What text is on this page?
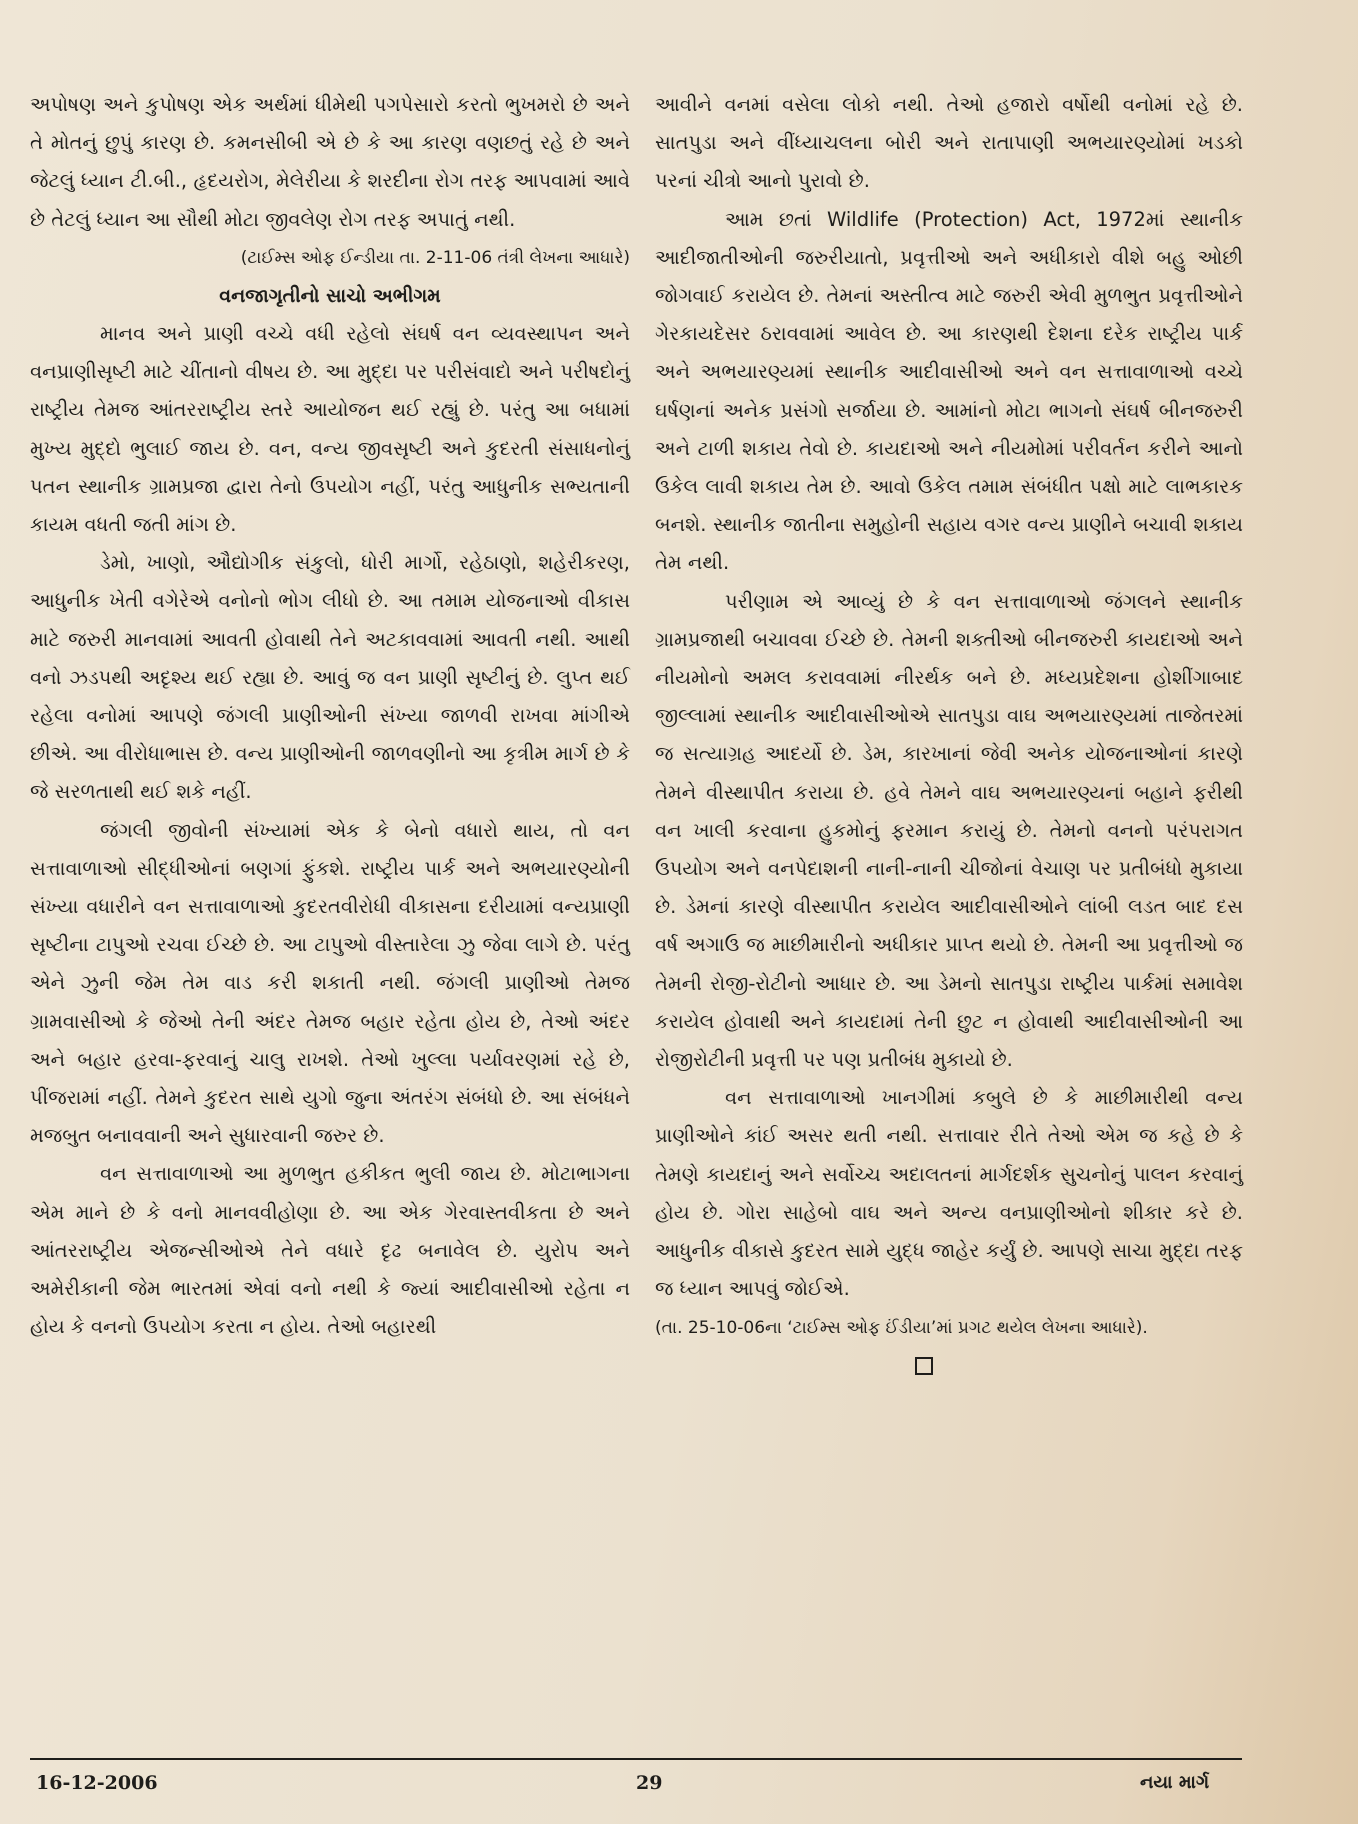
અપોષણ અને કુપોષણ એક અર્થમાં ધીમેથી પગપેસારો કરતો ભુખમરો છે અને તે મોતનું છુપું કારણ છે. કમનસીબી એ છે કે આ કારણ વણછતું રહે છે અને જેટલું ધ્યાન ટી.બી., હૃદયરોગ, મેલેરીયા કે શરદીના રોગ તરફ આપવામાં આવે છે તેટલું ધ્યાન આ સૌથી મોટા જીવલેણ રોગ તરફ અપાતું નથી.

(ટાઈમ્સ ઓફ ઈન્ડીયા તા. 2-11-06 તંત્રી લેખના આધારે)

વનજાગૃતીનો સાચો અભીગમ

માનવ અને પ્રાણી વચ્ચે વધી રહેલો સંઘર્ષ વન વ્યવસ્થાપન અને વનપ્રાણીસૃષ્ટી માટે ચીંતાનો વીષય છે. આ મુદ્દા પર પરીસંવાદો અને પરીષદોનું રાષ્ટ્રીય તેમજ આંતરરાષ્ટ્રીય સ્તરે આયોજન થઈ રહ્યું છે. પરંતુ આ બધામાં મુખ્ય મુદ્દો ભુલાઈ જાય છે. વન, વન્ય જીવસૃષ્ટી અને કુદરતી સંસાધનોનું પતન સ્થાનીક ગ્રામપ્રજા દ્વારા તેનો ઉપયોગ નહીં, પરંતુ આધુનીક સભ્યતાની કાયમ વધતી જતી માંગ છે.

ડેમો, ખાણો, ઔદ્યોગીક સંકુલો, ધોરી માર્ગો, રહેઠાણો, શહેરીકરણ, આધુનીક ખેતી વગેરેએ વનોનો ભોગ લીધો છે. આ તમામ યોજનાઓ વીકાસ માટે જરુરી માનવામાં આવતી હોવાથી તેને અટકાવવામાં આવતી નથી. આથી વનો ઝડપથી અદૃશ્ય થઈ રહ્યા છે. આવું જ વન પ્રાણી સૃષ્ટીનું છે. લુપ્ત થઈ રહેલા વનોમાં આપણે જંગલી પ્રાણીઓની સંખ્યા જાળવી રાખવા માંગીએ છીએ. આ વીરોધાભાસ છે. વન્ય પ્રાણીઓની જાળવણીનો આ કૃત્રીમ માર્ગ છે કે જે સરળતાથી થઈ શકે નહીં.

જંગલી જીવોની સંખ્યામાં એક કે બેનો વધારો થાય, તો વન સત્તાવાળાઓ સીદ્ધીઓનાં બણગાં ફુંકશે. રાષ્ટ્રીય પાર્ક અને અભયારણ્યોની સંખ્યા વધારીને વન સત્તાવાળાઓ કુદરતવીરોધી વીકાસના દરીયામાં વન્યપ્રાણી સૃષ્ટીના ટાપુઓ રચવા ઈચ્છે છે. આ ટાપુઓ વીસ્તારેલા ઝુ જેવા લાગે છે. પરંતુ એને ઝુની જેમ તેમ વાડ કરી શકાતી નથી. જંગલી પ્રાણીઓ તેમજ ગ્રામવાસીઓ કે જેઓ તેની અંદર તેમજ બહાર રહેતા હોય છે, તેઓ અંદર અને બહાર હરવા-ફરવાનું ચાલુ રાખશે. તેઓ ખુલ્લા પર્યાવરણમાં રહે છે, પીંજરામાં નહીં. તેમને કુદરત સાથે યુગો જુના અંતરંગ સંબંધો છે. આ સંબંધને મજબુત બનાવવાની અને સુધારવાની જરુર છે.

વન સત્તાવાળાઓ આ મુળભુત હકીકત ભુલી જાય છે. મોટાભાગના એમ માને છે કે વનો માનવવીહોણા છે. આ એક ગેરવાસ્તવીકતા છે અને આંતરરાષ્ટ્રીય એજન્સીઓએ તેને વધારે દૃઢ બનાવેલ છે. યુરોપ અને અમેરીકાની જેમ ભારતમાં એવાં વનો નથી કે જ્યાં આદીવાસીઓ રહેતા ન હોય કે વનનો ઉપયોગ કરતા ન હોય. તેઓ બહારથી

આવીને વનમાં વસેલા લોકો નથી. તેઓ હજારો વર્ષોથી વનોમાં રહે છે. સાતપુડા અને વીંધ્યાચલના બોરી અને રાતાપાણી અભયારણ્યોમાં ખડકો પરનાં ચીત્રો આનો પુરાવો છે.

આમ છતાં Wildlife (Protection) Act, 1972માં સ્થાનીક આદીજાતીઓની જરુરીયાતો, પ્રવૃત્તીઓ અને અધીકારો વીશે બહુ ઓછી જોગવાઈ કરાયેલ છે. તેમનાં અસ્તીત્વ માટે જરુરી એવી મુળભુત પ્રવૃત્તીઓને ગેરકાયદેસર ઠરાવવામાં આવેલ છે. આ કારણથી દેશના દરેક રાષ્ટ્રીય પાર્ક અને અભયારણ્યમાં સ્થાનીક આદીવાસીઓ અને વન સત્તાવાળાઓ વચ્ચે ઘર્ષણનાં અનેક પ્રસંગો સર્જાયા છે. આમાંનો મોટા ભાગનો સંઘર્ષ બીનજરુરી અને ટાળી શકાય તેવો છે. કાયદાઓ અને નીયમોમાં પરીવર્તન કરીને આનો ઉકેલ લાવી શકાય તેમ છે. આવો ઉકેલ તમામ સંબંધીત પક્ષો માટે લાભકારક બનશે. સ્થાનીક જાતીના સમુહોની સહાય વગર વન્ય પ્રાણીને બચાવી શકાય તેમ નથી.

પરીણામ એ આવ્યું છે કે વન સત્તાવાળાઓ જંગલને સ્થાનીક ગ્રામપ્રજાથી બચાવવા ઈચ્છે છે. તેમની શક્તીઓ બીનજરુરી કાયદાઓ અને નીયમોનો અમલ કરાવવામાં નીરર્થક બને છે. મધ્યપ્રદેશના હોશીંગાબાદ જીલ્લામાં સ્થાનીક આદીવાસીઓએ સાતપુડા વાઘ અભયારણ્યમાં તાજેતરમાં જ સત્યાગ્રહ આદર્યો છે. ડેમ, કારખાનાં જેવી અનેક યોજનાઓનાં કારણે તેમને વીસ્થાપીત કરાયા છે. હવે તેમને વાઘ અભયારણ્યનાં બહાને ફરીથી વન ખાલી કરવાના હુકમોનું ફરમાન કરાયું છે. તેમનો વનનો પરંપરાગત ઉપયોગ અને વનપેદાશની નાની-નાની ચીજોનાં વેચાણ પર પ્રતીબંધો મુકાયા છે. ડેમનાં કારણે વીસ્થાપીત કરાયેલ આદીવાસીઓને લાંબી લડત બાદ દસ વર્ષ અગાઉ જ માછીમારીનો અધીકાર પ્રાપ્ત થયો છે. તેમની આ પ્રવૃત્તીઓ જ તેમની રોજી-રોટીનો આધાર છે. આ ડેમનો સાતપુડા રાષ્ટ્રીય પાર્કમાં સમાવેશ કરાયેલ હોવાથી અને કાયદામાં તેની છુટ ન હોવાથી આદીવાસીઓની આ રોજીરોટીની પ્રવૃત્તી પર પણ પ્રતીબંધ મુકાયો છે.

વન સત્તાવાળાઓ ખાનગીમાં કબુલે છે કે માછીમારીથી વન્ય પ્રાણીઓને કાંઈ અસર થતી નથી. સત્તાવાર રીતે તેઓ એમ જ કહે છે કે તેમણે કાયદાનું અને સર્વોચ્ચ અદાલતનાં માર્ગદર્શક સુચનોનું પાલન કરવાનું હોય છે. ગોરા સાહેબો વાઘ અને અન્ય વનપ્રાણીઓનો શીકાર કરે છે. આધુનીક વીકાસે કુદરત સામે યુદ્ધ જાહેર કર્યું છે. આપણે સાચા મુદ્દા તરફ જ ધ્યાન આપવું જોઈએ.

(તા. 25-10-06ના ‘ટાઈમ્સ ઓફ ઈંડીયા’માં પ્રગટ થયેલ લેખના આધારે).

16-12-2006	29	નયા માર્ગ
